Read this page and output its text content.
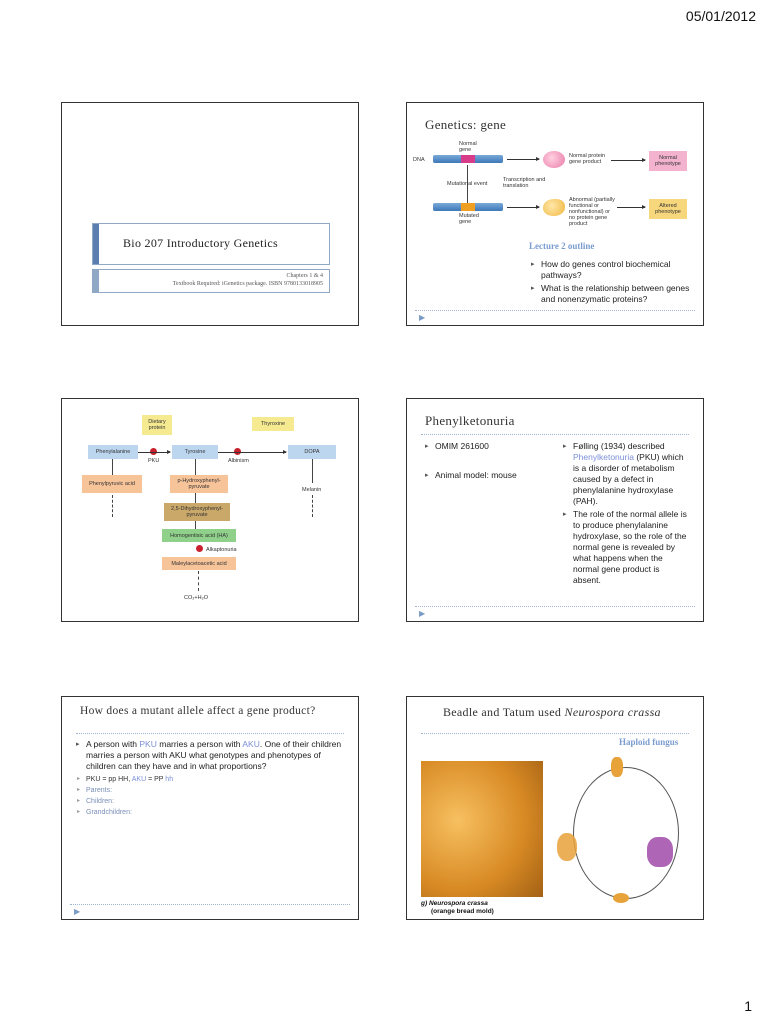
05/01/2012
Bio 207 Introductory Genetics
Chapters 1 & 4
Textbook Required: iGenetics package. ISBN 9780133018905
Genetics: gene
Normal gene
DNA
Mutational event
Transcription and translation
Mutated gene
Normal protein gene product
Normal phenotype
Abnormal (partially functional or nonfunctional) or no protein gene product
Altered phenotype
Lecture 2 outline
▸ How do genes control biochemical pathways?
▸ What is the relationship between genes and nonenzymatic proteins?
▶
Dietary protein
Thyroxine
Phenylalanine
PKU
Tyrosine
Albinism
DOPA
Phenylpyruvic acid	p-Hydroxyphenyl-pyruvate	Melanin
2,5-Dihydroxyphenyl-pyruvate
Homogentisic acid (HA)
Alkaptonuria
Maleylacetoacetic acid
CO₂+H₂O
Phenylketonuria
▸ OMIM 261600
▸ Animal model: mouse
▸ Følling (1934) described Phenylketonuria (PKU) which is a disorder of metabolism caused by a defect in phenylalanine hydroxylase (PAH).
▸ The role of the normal allele is to produce phenylalanine hydroxylase, so the role of the normal gene is revealed by what happens when the normal gene product is absent.
▶
How does a mutant allele affect a gene product?
▸ A person with PKU marries a person with AKU. One of their children marries a person with AKU what genotypes and phenotypes of children can they have and in what proportions?
▸ PKU = pp HH, AKU = PP hh
▸ Parents:
▸ Children:
▸ Grandchildren:
▶
Beadle and Tatum used Neurospora crassa
g) Neurospora crassa
(orange bread mold)
Haploid fungus
1
